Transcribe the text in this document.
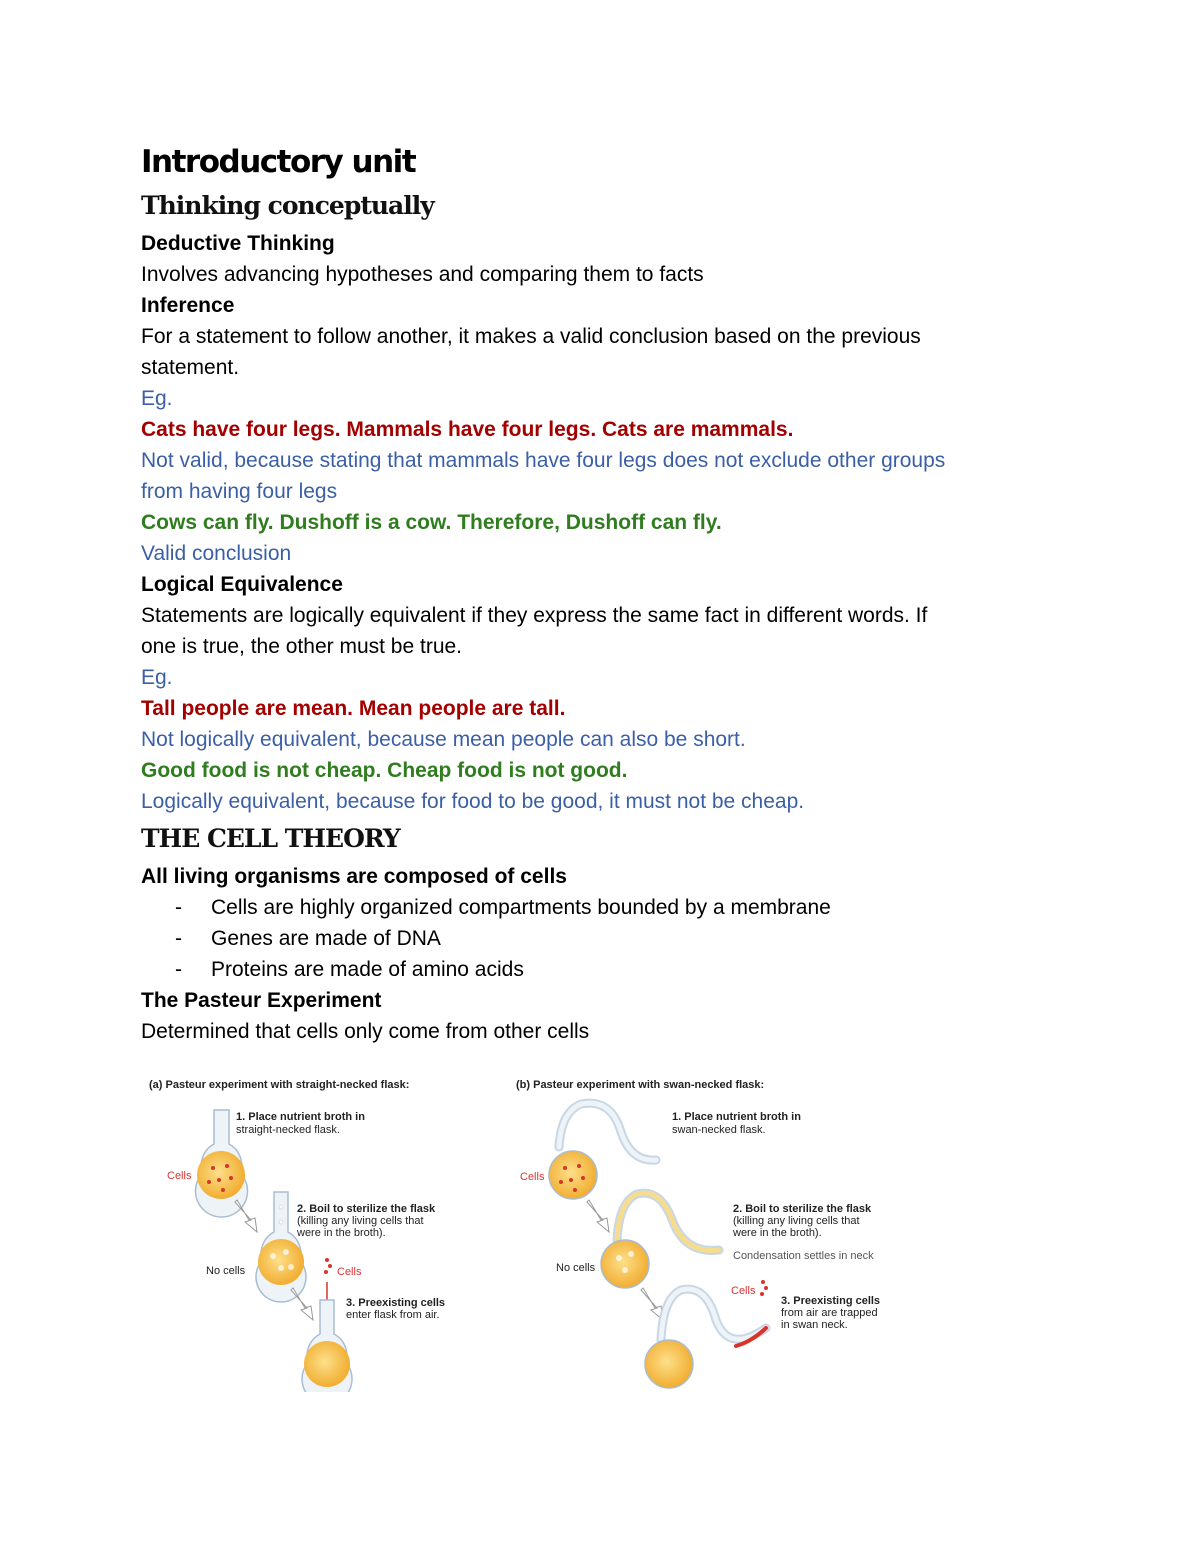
Introductory unit
Thinking conceptually

Deductive Thinking

Involves advancing hypotheses and comparing them to facts

Inference

For a statement to follow another, it makes a valid conclusion based on the previous

statement.

Eg.

Cats have four legs. Mammals have four legs. Cats are mammals.

Not valid, because stating that mammals have four legs does not exclude other groups

from having four legs

Cows can fly. Dushoff is a cow. Therefore, Dushoff can fly.

Valid conclusion

Logical Equivalence

Statements are logically equivalent if they express the same fact in different words. If

one is true, the other must be true.

Eg.

Tall people are mean. Mean people are tall.

Not logically equivalent, because mean people can also be short.

Good food is not cheap. Cheap food is not good.

Logically equivalent, because for food to be good, it must not be cheap.

THE CELL THEORY

All living organisms are composed of cells

- Cells are highly organized compartments bounded by a membrane
- Genes are made of DNA
- Proteins are made of amino acids

The Pasteur Experiment

Determined that cells only come from other cells

(a) Pasteur experiment with straight-necked flask:
1. Place nutrient broth in
straight-necked flask.
Cells
2. Boil to sterilize the flask
(killing any living cells that
were in the broth).
No cells	Cells
3. Preexisting cells
enter flask from air.
(b) Pasteur experiment with swan-necked flask:
1. Place nutrient broth in
swan-necked flask.
Cells
2. Boil to sterilize the flask
(killing any living cells that
were in the broth).
Condensation settles in neck
No cells
Cells
3. Preexisting cells
from air are trapped
in swan neck.
